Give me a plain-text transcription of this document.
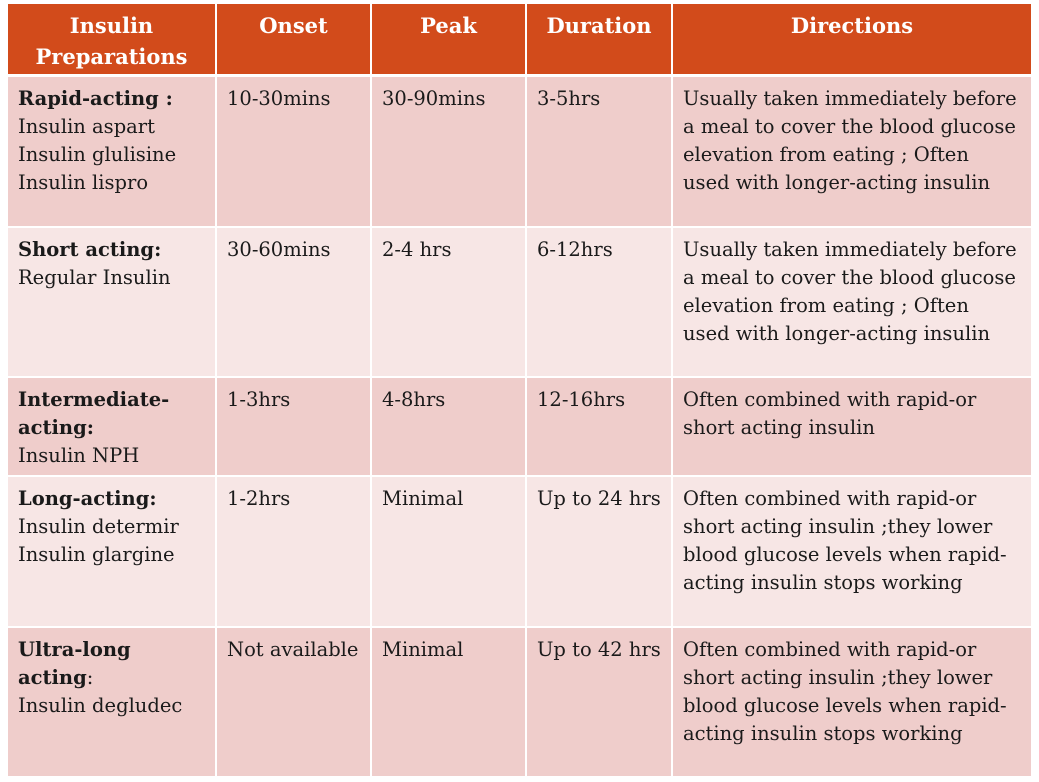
Insulin
Preparations	Onset	Peak	Duration	Directions

Rapid-acting :
Insulin aspart
Insulin glulisine
Insulin lispro	10-30mins	30-90mins	3-5hrs	Usually taken immediately before a meal to cover the blood glucose elevation from eating ; Often used with longer-acting insulin

Short acting:
Regular Insulin	30-60mins	2-4 hrs	6-12hrs	Usually taken immediately before a meal to cover the blood glucose elevation from eating ; Often used with longer-acting insulin

Intermediate-acting:
Insulin NPH	1-3hrs	4-8hrs	12-16hrs	Often combined with rapid-or short acting insulin

Long-acting:
Insulin determir
Insulin glargine	1-2hrs	Minimal	Up to 24 hrs	Often combined with rapid-or short acting insulin ;they lower blood glucose levels when rapid-acting insulin stops working

Ultra-long acting:
Insulin degludec	Not available	Minimal	Up to 42 hrs	Often combined with rapid-or short acting insulin ;they lower blood glucose levels when rapid-acting insulin stops working
